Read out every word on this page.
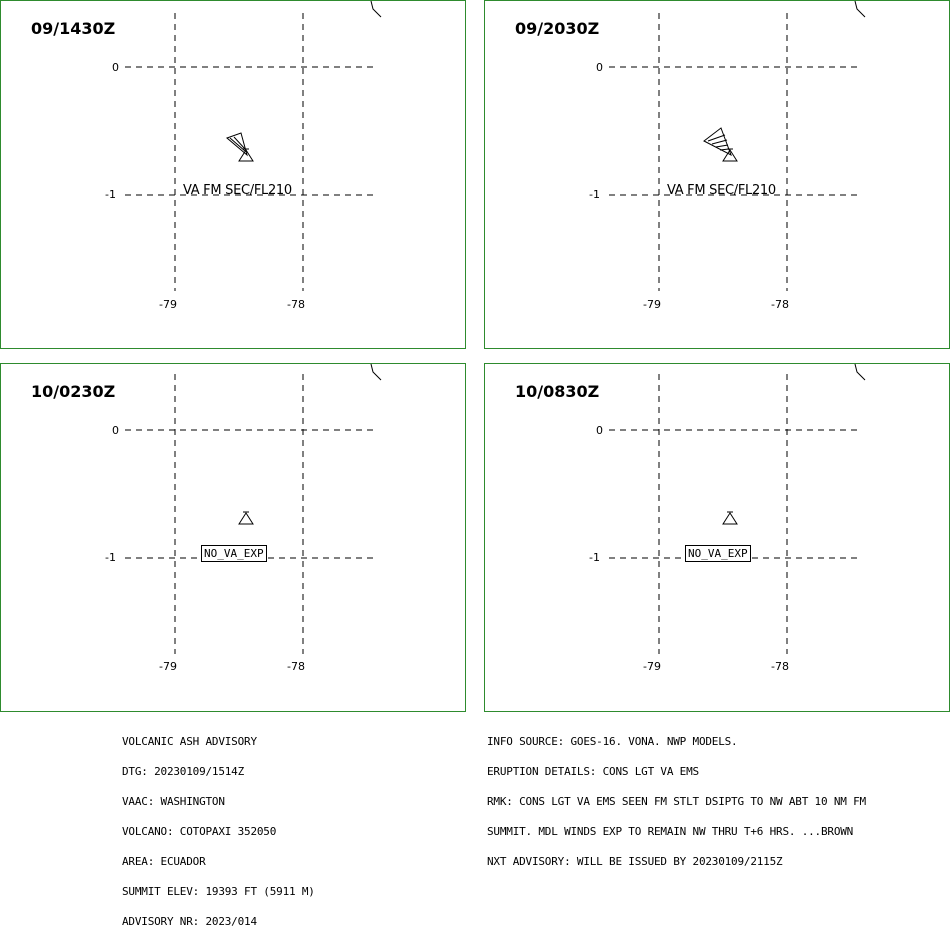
09/1430Z
0
-1
-79	-78
VA FM SEC/FL210
09/2030Z
0
-1
-79	-78
VA FM SEC/FL210
10/0230Z
0
-1
-79	-78
NO_VA_EXP
10/0830Z
0
-1
-79	-78
NO_VA_EXP

VOLCANIC ASH ADVISORY

DTG: 20230109/1514Z

VAAC: WASHINGTON

VOLCANO: COTOPAXI 352050

AREA: ECUADOR

SUMMIT ELEV: 19393 FT (5911 M)

ADVISORY NR: 2023/014

INFO SOURCE: GOES-16. VONA. NWP MODELS.

ERUPTION DETAILS: CONS LGT VA EMS

RMK: CONS LGT VA EMS SEEN FM STLT DSIPTG TO NW ABT 10 NM FM

SUMMIT. MDL WINDS EXP TO REMAIN NW THRU T+6 HRS. ...BROWN

NXT ADVISORY: WILL BE ISSUED BY 20230109/2115Z
